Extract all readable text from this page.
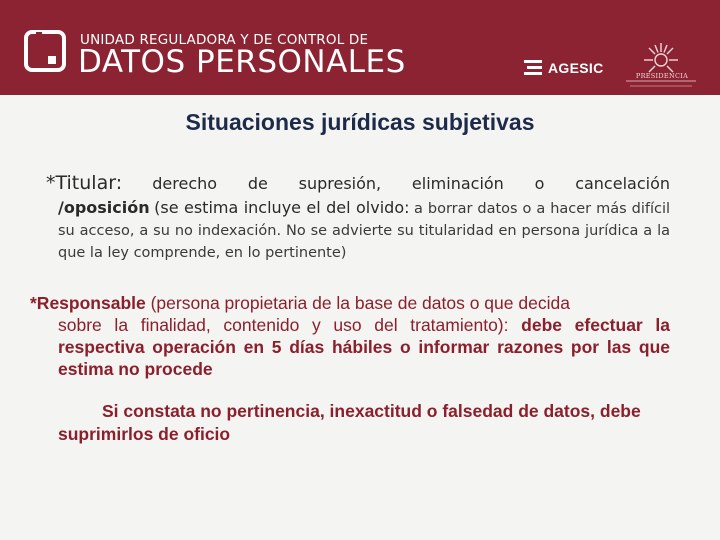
UNIDAD REGULADORA Y DE CONTROL DE
DATOS PERSONALES	AGESIC	PRESIDENCIA
Situaciones jurídicas subjetivas
*Titular: derecho de supresión, eliminación o cancelación
/oposición (se estima incluye el del olvido: a borrar datos o a hacer más difícil su acceso, a su no indexación. No se advierte su titularidad en persona jurídica a la que la ley comprende, en lo pertinente)
*Responsable (persona propietaria de la base de datos o que decida
sobre la finalidad, contenido y uso del tratamiento): debe efectuar la respectiva operación en 5 días hábiles o informar razones por las que estima no procede
Si constata no pertinencia, inexactitud o falsedad de datos, debe suprimirlos de oficio
